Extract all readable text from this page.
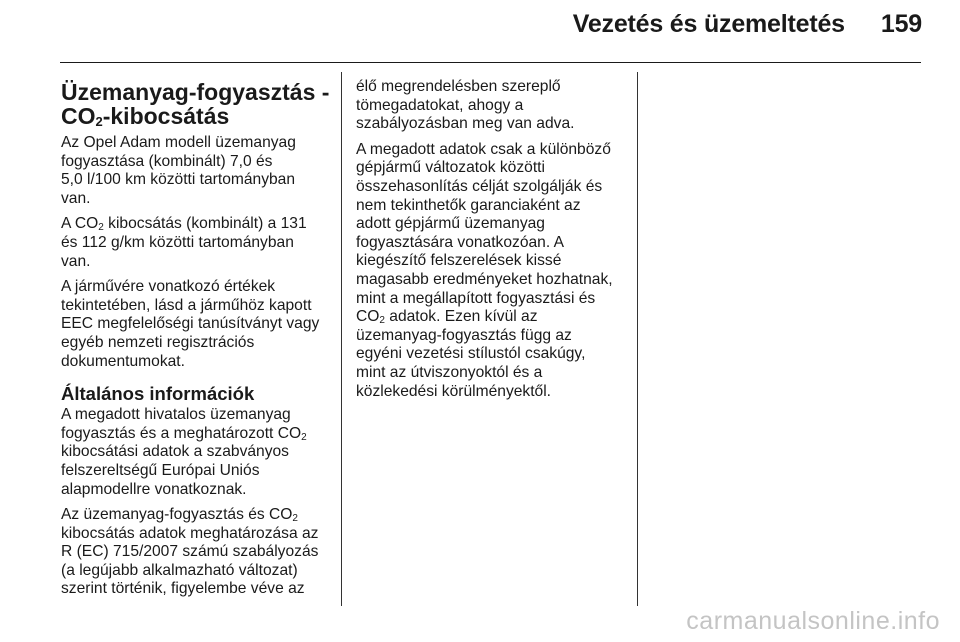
Vezetés és üzemeltetés 159
Üzemanyag-fogyasztás -
$CO_2$-kibocsátás

Az Opel Adam modell üzemanyag
fogyasztása (kombinált) 7,0 és
5,0 l/100 km közötti tartományban
van.

A $CO_2$ kibocsátás (kombinált) a 131
és 112 g/km közötti tartományban
van.

A járművére vonatkozó értékek
tekintetében, lásd a járműhöz kapott
EEC megfelelőségi tanúsítványt vagy
egyéb nemzeti regisztrációs
dokumentumokat.

Általános információk

A megadott hivatalos üzemanyag
fogyasztás és a meghatározott $CO_2$
kibocsátási adatok a szabványos
felszereltségű Európai Uniós
alapmodellre vonatkoznak.

Az üzemanyag-fogyasztás és $CO_2$
kibocsátás adatok meghatározása az
R (EC) 715/2007 számú szabályozás
(a legújabb alkalmazható változat)
szerint történik, figyelembe véve az

élő megrendelésben szereplő
tömegadatokat, ahogy a
szabályozásban meg van adva.

A megadott adatok csak a különböző
gépjármű változatok közötti
összehasonlítás célját szolgálják és
nem tekinthetők garanciaként az
adott gépjármű üzemanyag
fogyasztására vonatkozóan. A
kiegészítő felszerelések kissé
magasabb eredményeket hozhatnak,
mint a megállapított fogyasztási és
$CO_2$ adatok. Ezen kívül az
üzemanyag-fogyasztás függ az
egyéni vezetési stílustól csakúgy,
mint az útviszonyoktól és a
közlekedési körülményektől.

carmanualsonline.info
